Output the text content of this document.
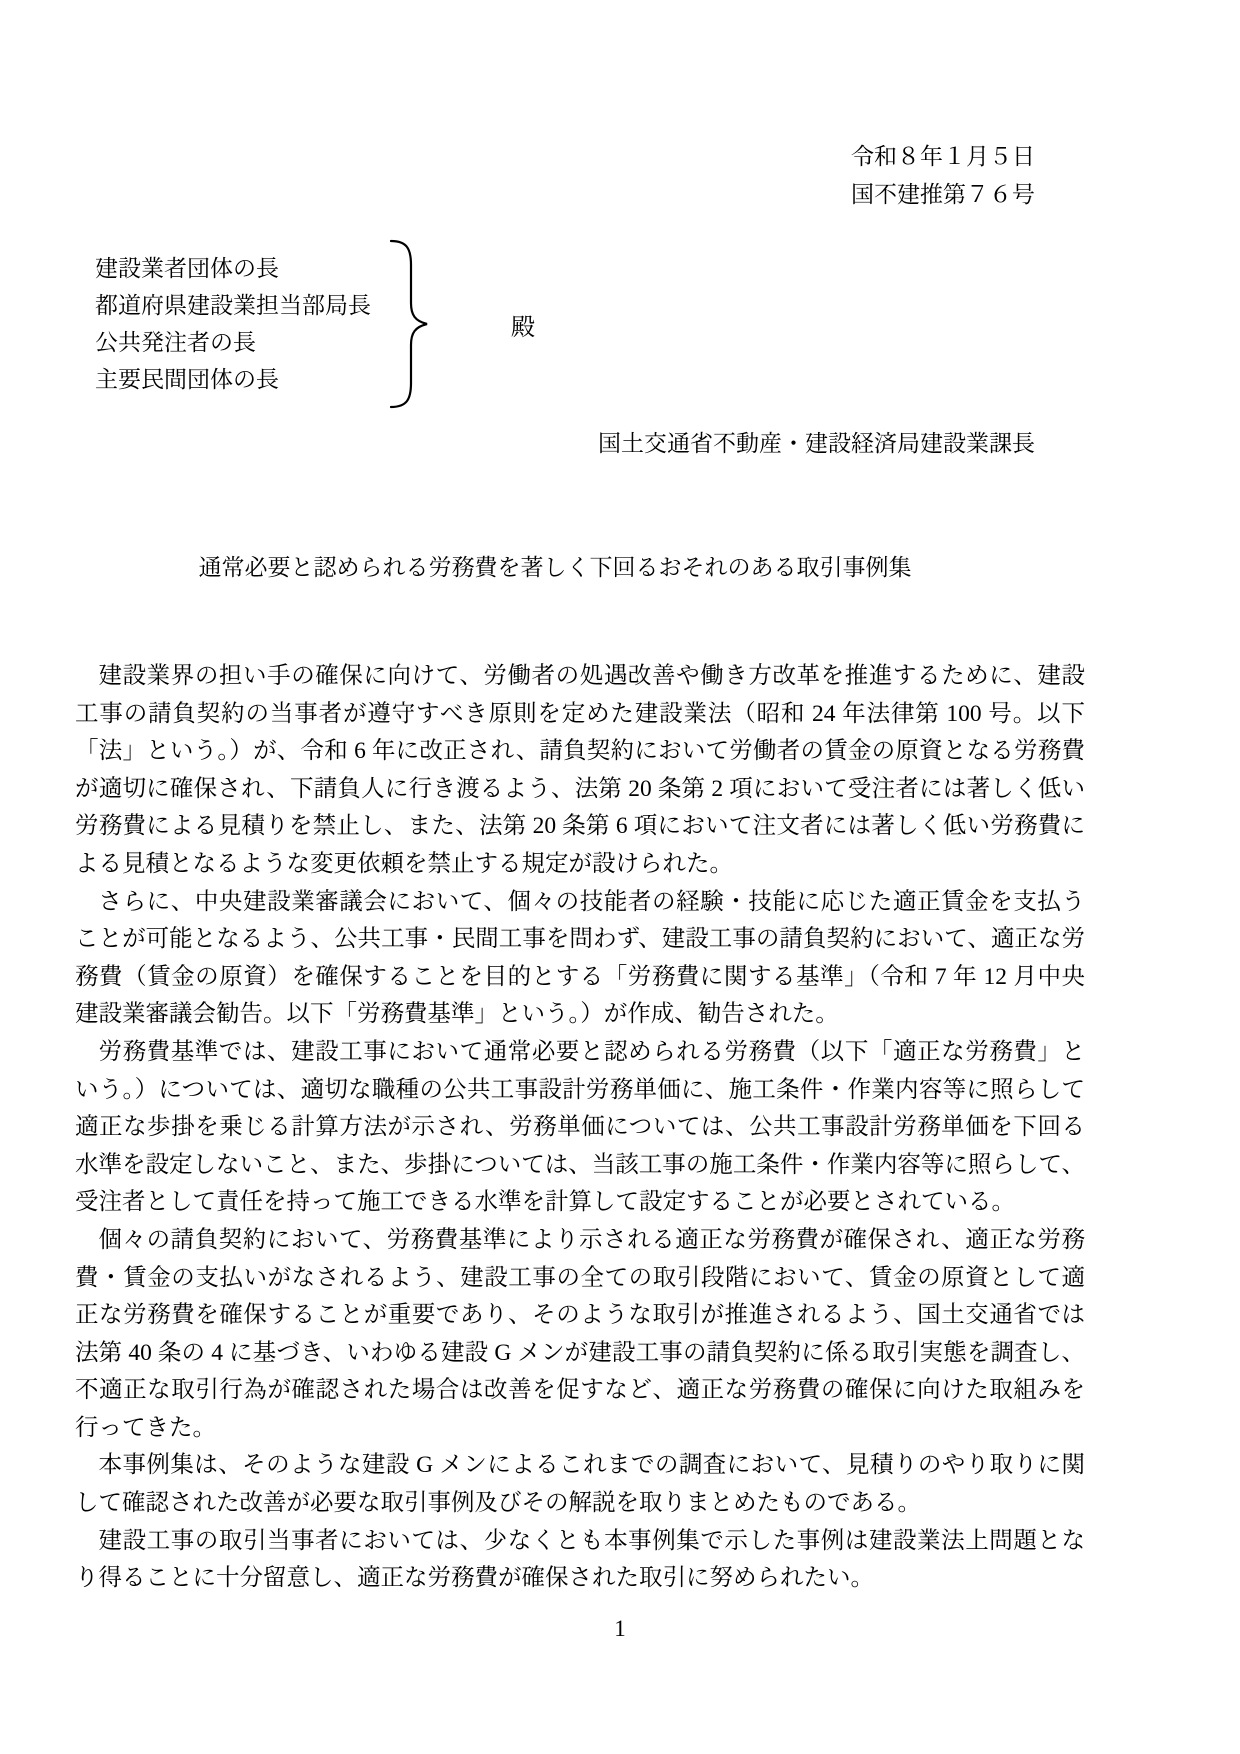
令和８年１月５日
国不建推第７６号
建設業者団体の長
都道府県建設業担当部局長
公共発注者の長
主要民間団体の長
殿
国土交通省不動産・建設経済局建設業課長
通常必要と認められる労務費を著しく下回るおそれのある取引事例集

建設業界の担い手の確保に向けて、労働者の処遇改善や働き方改革を推進するために、建設工事の請負契約の当事者が遵守すべき原則を定めた建設業法（昭和 24 年法律第 100 号。以下「法」という。）が、令和 6 年に改正され、請負契約において労働者の賃金の原資となる労務費が適切に確保され、下請負人に行き渡るよう、法第 20 条第 2 項において受注者には著しく低い労務費による見積りを禁止し、また、法第 20 条第 6 項において注文者には著しく低い労務費による見積となるような変更依頼を禁止する規定が設けられた。

さらに、中央建設業審議会において、個々の技能者の経験・技能に応じた適正賃金を支払うことが可能となるよう、公共工事・民間工事を問わず、建設工事の請負契約において、適正な労務費（賃金の原資）を確保することを目的とする「労務費に関する基準」（令和 7 年 12 月中央建設業審議会勧告。以下「労務費基準」という。）が作成、勧告された。

労務費基準では、建設工事において通常必要と認められる労務費（以下「適正な労務費」という。）については、適切な職種の公共工事設計労務単価に、施工条件・作業内容等に照らして適正な歩掛を乗じる計算方法が示され、労務単価については、公共工事設計労務単価を下回る水準を設定しないこと、また、歩掛については、当該工事の施工条件・作業内容等に照らして、受注者として責任を持って施工できる水準を計算して設定することが必要とされている。

個々の請負契約において、労務費基準により示される適正な労務費が確保され、適正な労務費・賃金の支払いがなされるよう、建設工事の全ての取引段階において、賃金の原資として適正な労務費を確保することが重要であり、そのような取引が推進されるよう、国土交通省では法第 40 条の 4 に基づき、いわゆる建設 G メンが建設工事の請負契約に係る取引実態を調査し、不適正な取引行為が確認された場合は改善を促すなど、適正な労務費の確保に向けた取組みを行ってきた。

本事例集は、そのような建設 G メンによるこれまでの調査において、見積りのやり取りに関して確認された改善が必要な取引事例及びその解説を取りまとめたものである。

建設工事の取引当事者においては、少なくとも本事例集で示した事例は建設業法上問題となり得ることに十分留意し、適正な労務費が確保された取引に努められたい。

1
